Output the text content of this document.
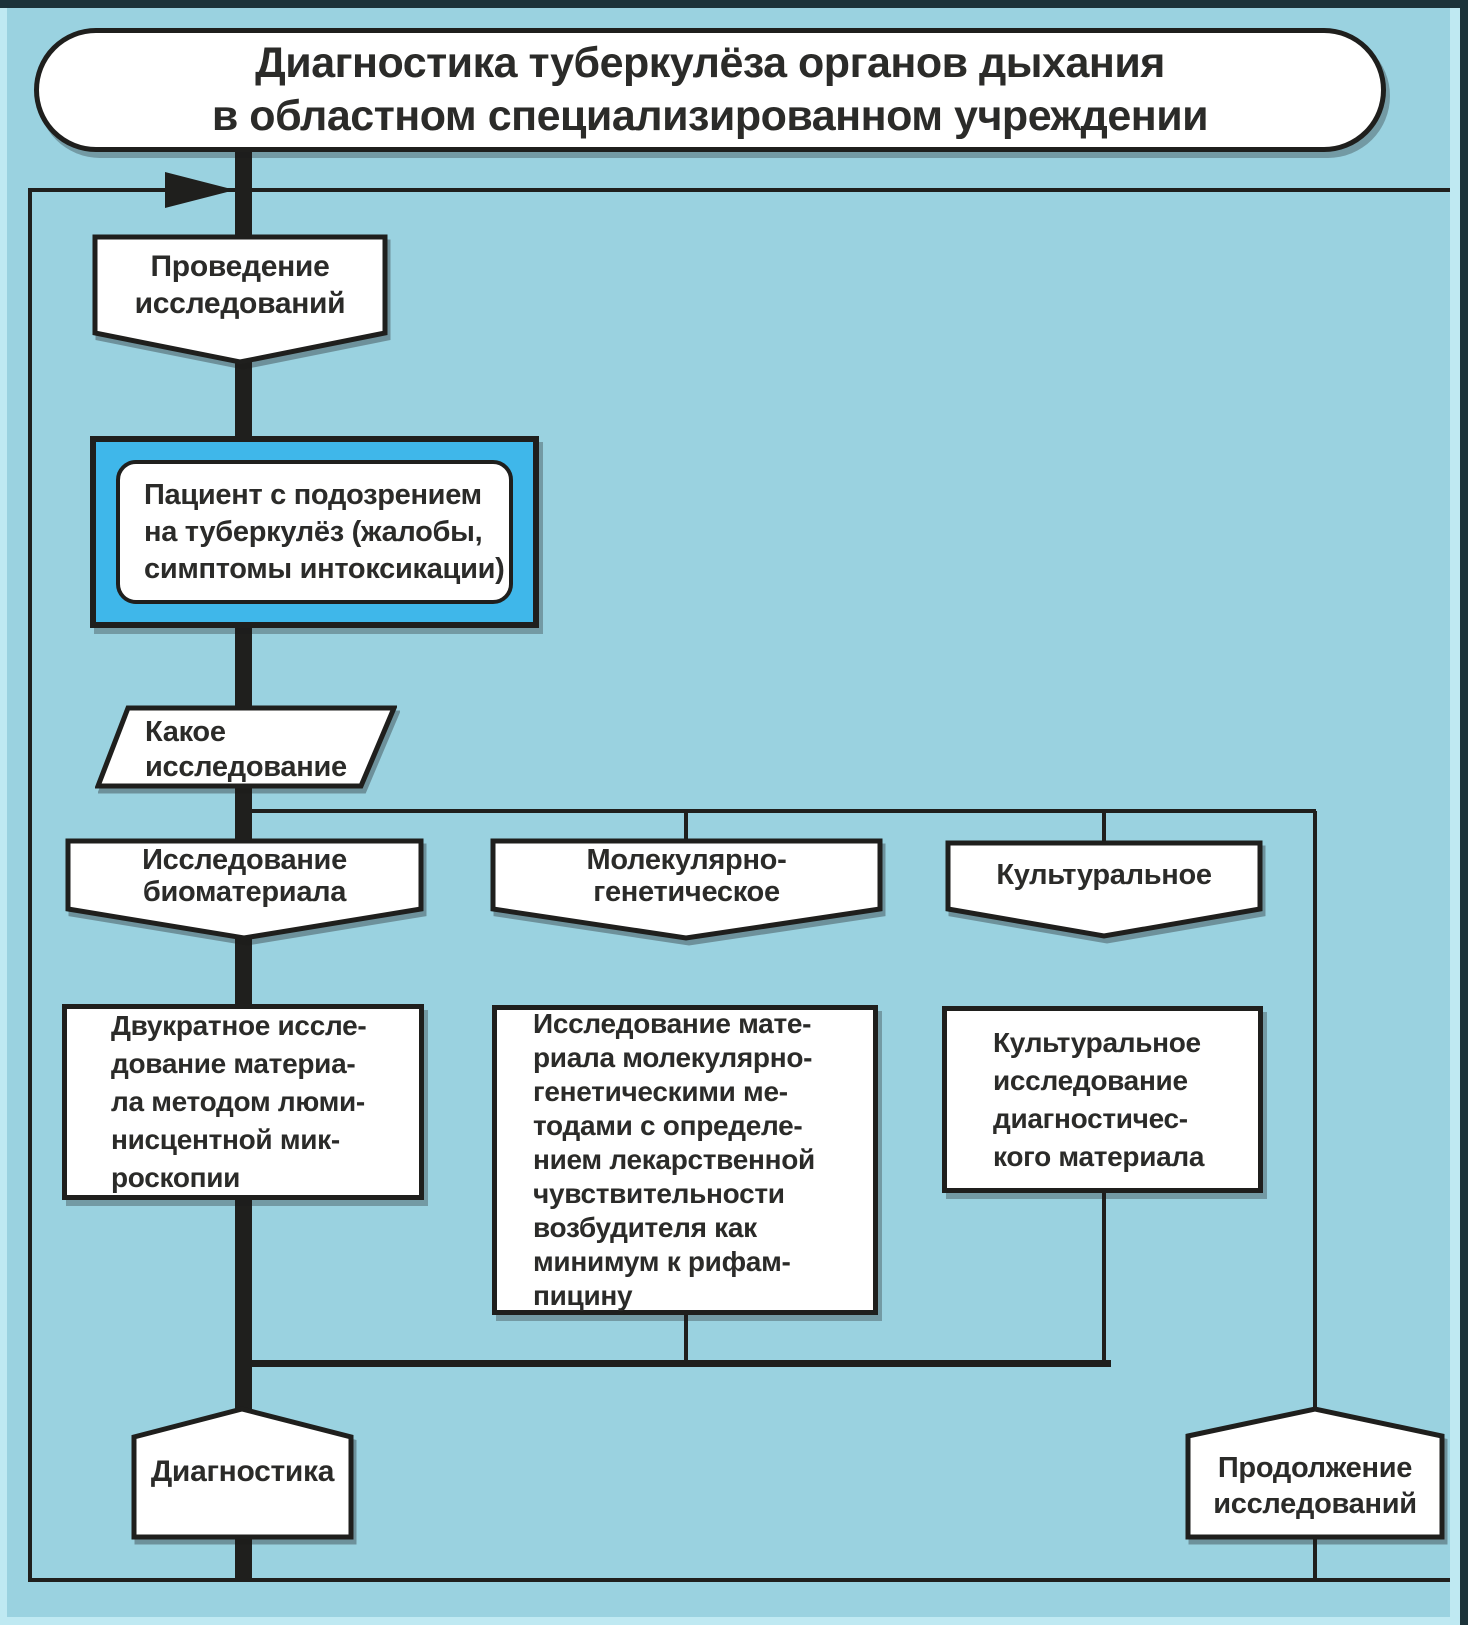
Диагностика туберкулёза органов дыхания
в областном специализированном учреждении
Проведение
исследований
Пациент с подозрением
на туберкулёз (жалобы,
симптомы интоксикации)
Какое
исследование
Исследование
биоматериала
Молекулярно-
генетическое
Культуральное
Двукратное иссле-
дование материа-
ла методом люми-
нисцентной мик-
роскопии
Исследование мате-
риала молекулярно-
генетическими ме-
тодами с определе-
нием лекарственной
чувствительности
возбудителя как
минимум к рифам-
пицину
Культуральное
исследование
диагностичес-
кого материала
Диагностика	Продолжение
исследований
